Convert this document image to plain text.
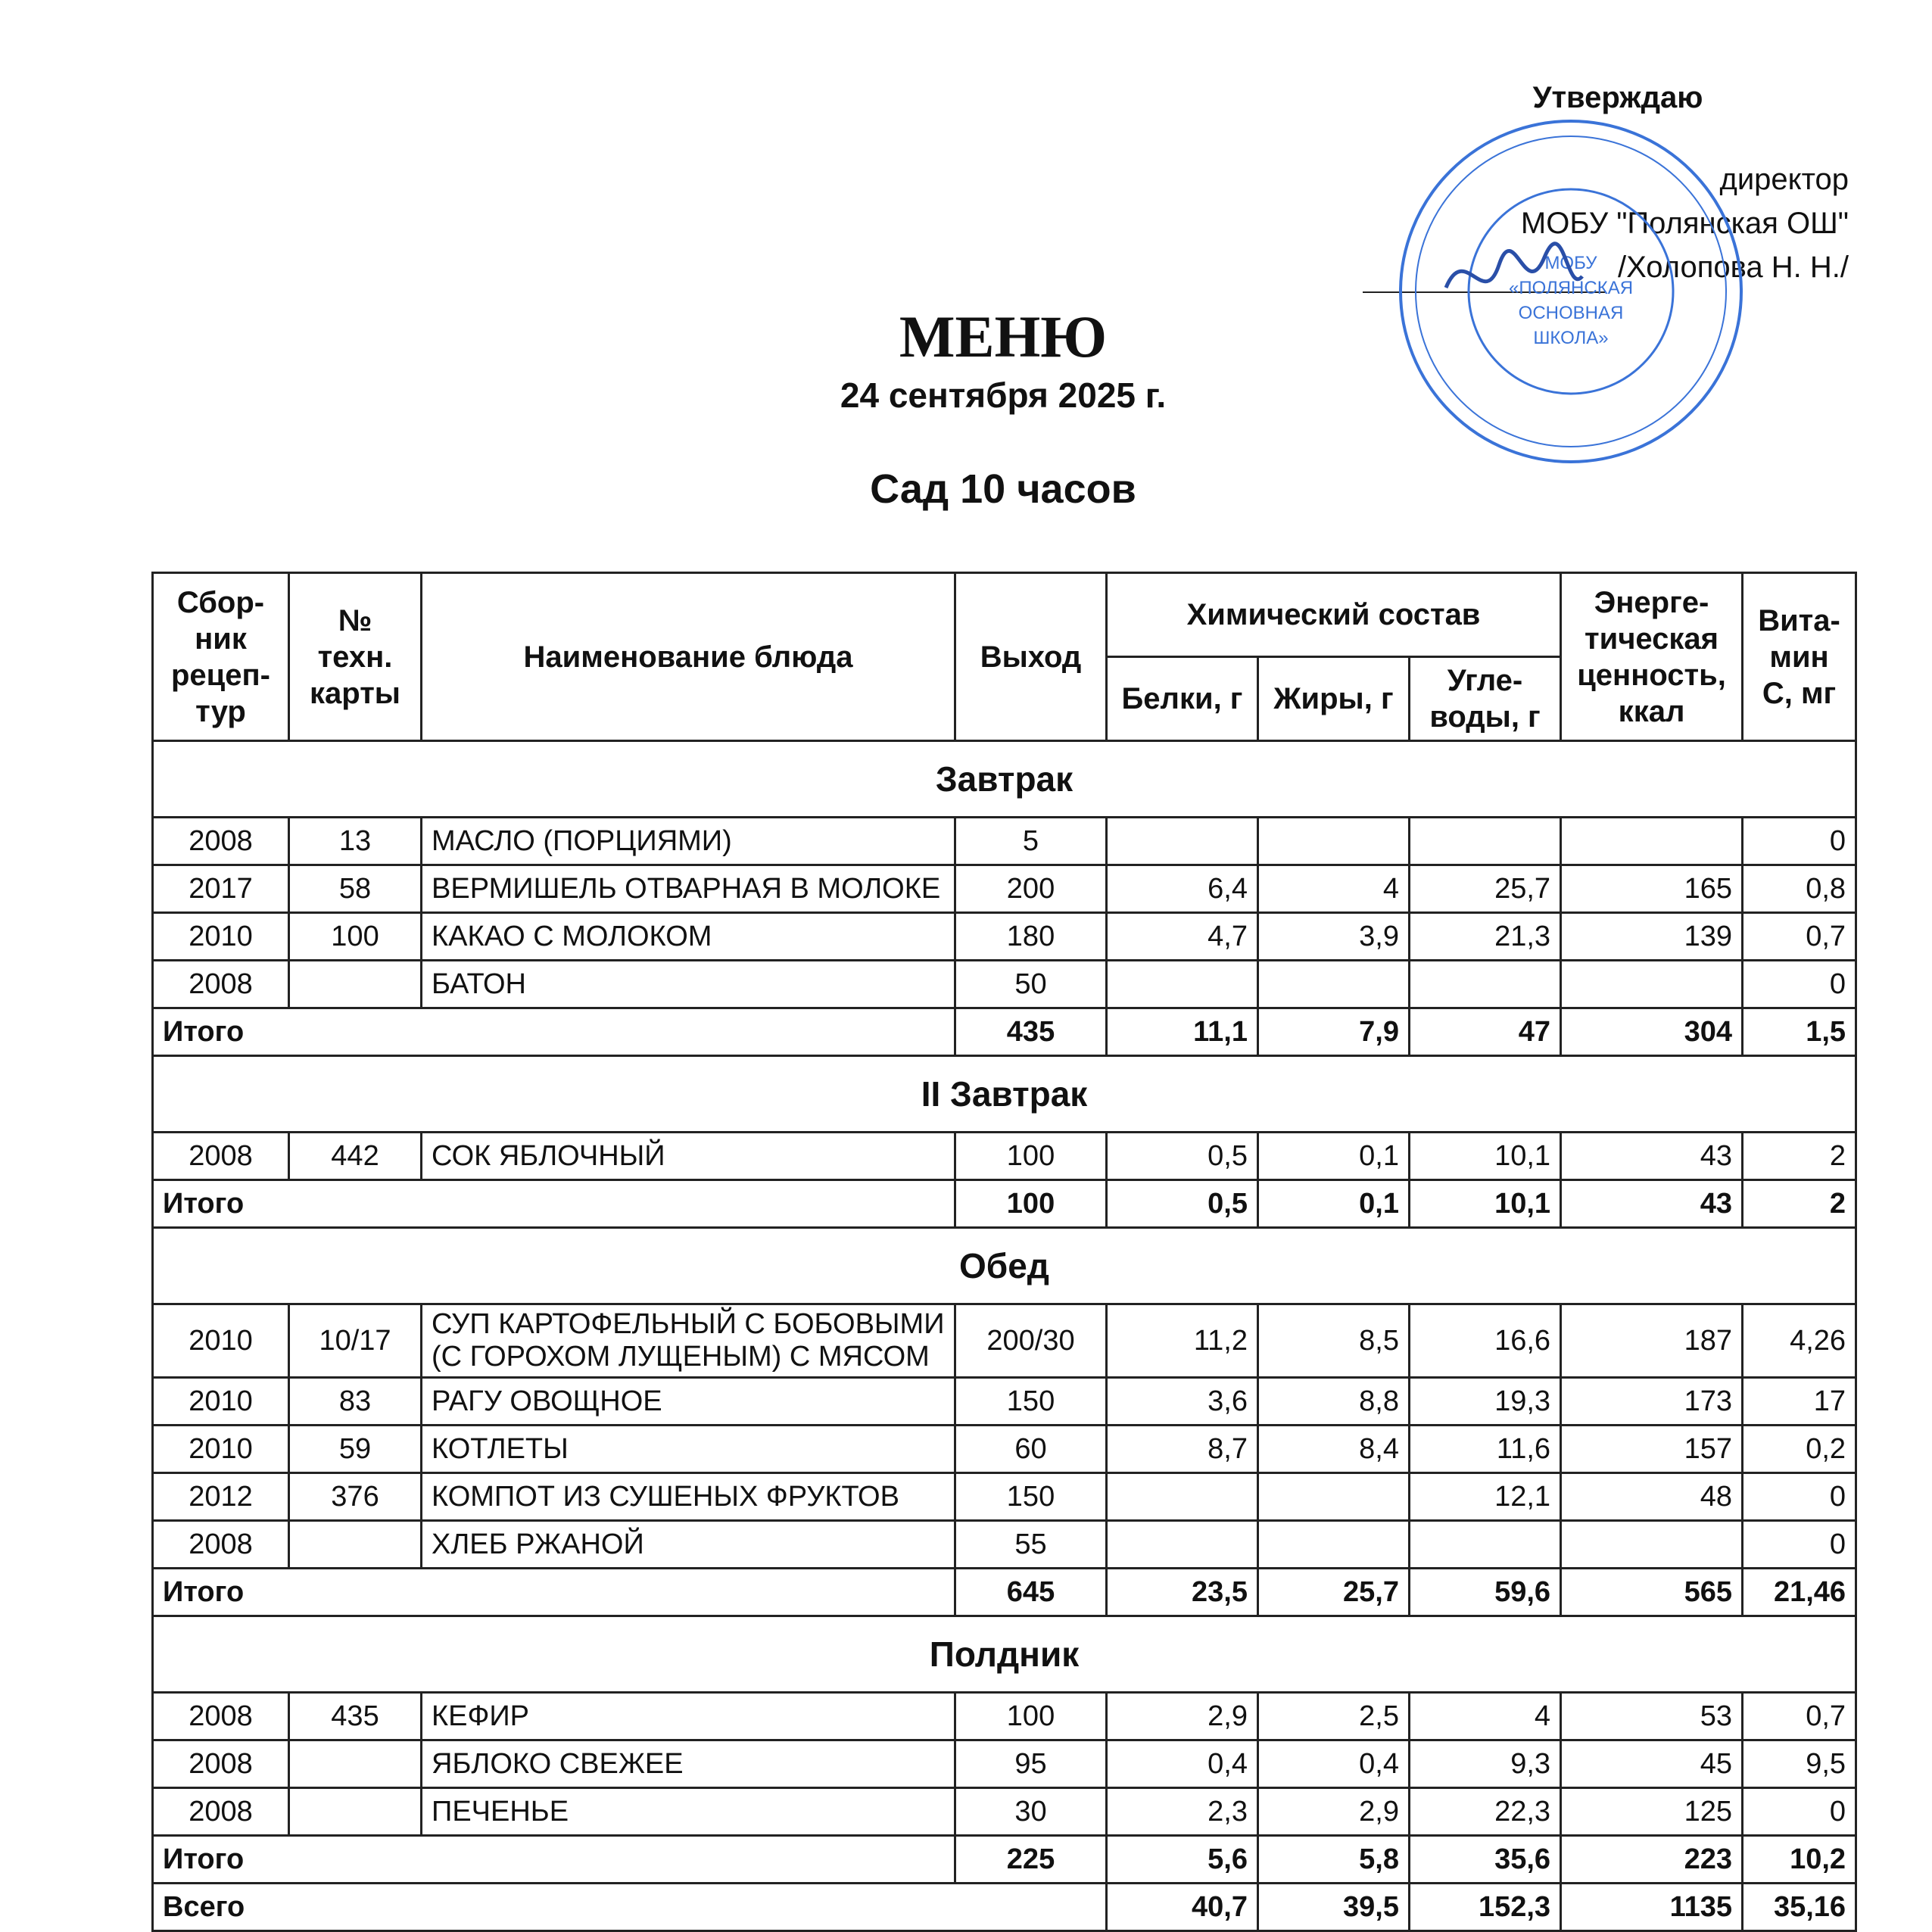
Утверждаю
директор
МОБУ "Полянская ОШ"
/Холопова Н. Н./
МОБУ
«ПОЛЯНСКАЯ
ОСНОВНАЯ
ШКОЛА»
МЕНЮ
24 сентября 2025 г.
Сад 10 часов
Сбор-ник рецеп-тур	№ техн. карты	Наименование блюда	Выход	Химический состав			Энерге-тическая ценность, ккал	Вита-мин С, мг
				Белки, г	Жиры, г	Угле-воды, г		
Завтрак								
2008	13	МАСЛО (ПОРЦИЯМИ)	5					0
2017	58	ВЕРМИШЕЛЬ ОТВАРНАЯ В МОЛОКЕ	200	6,4	4	25,7	165	0,8
2010	100	КАКАО С МОЛОКОМ	180	4,7	3,9	21,3	139	0,7
2008		БАТОН	50					0
Итого			435	11,1	7,9	47	304	1,5
II Завтрак								
2008	442	СОК ЯБЛОЧНЫЙ	100	0,5	0,1	10,1	43	2
Итого			100	0,5	0,1	10,1	43	2
Обед								
2010	10/17	СУП КАРТОФЕЛЬНЫЙ С БОБОВЫМИ (С ГОРОХОМ ЛУЩЕНЫМ) С МЯСОМ	200/30	11,2	8,5	16,6	187	4,26
2010	83	РАГУ ОВОЩНОЕ	150	3,6	8,8	19,3	173	17
2010	59	КОТЛЕТЫ	60	8,7	8,4	11,6	157	0,2
2012	376	КОМПОТ ИЗ СУШЕНЫХ ФРУКТОВ	150			12,1	48	0
2008		ХЛЕБ РЖАНОЙ	55					0
Итого			645	23,5	25,7	59,6	565	21,46
Полдник								
2008	435	КЕФИР	100	2,9	2,5	4	53	0,7
2008		ЯБЛОКО СВЕЖЕЕ	95	0,4	0,4	9,3	45	9,5
2008		ПЕЧЕНЬЕ	30	2,3	2,9	22,3	125	0
Итого			225	5,6	5,8	35,6	223	10,2
Всего				40,7	39,5	152,3	1135	35,16
